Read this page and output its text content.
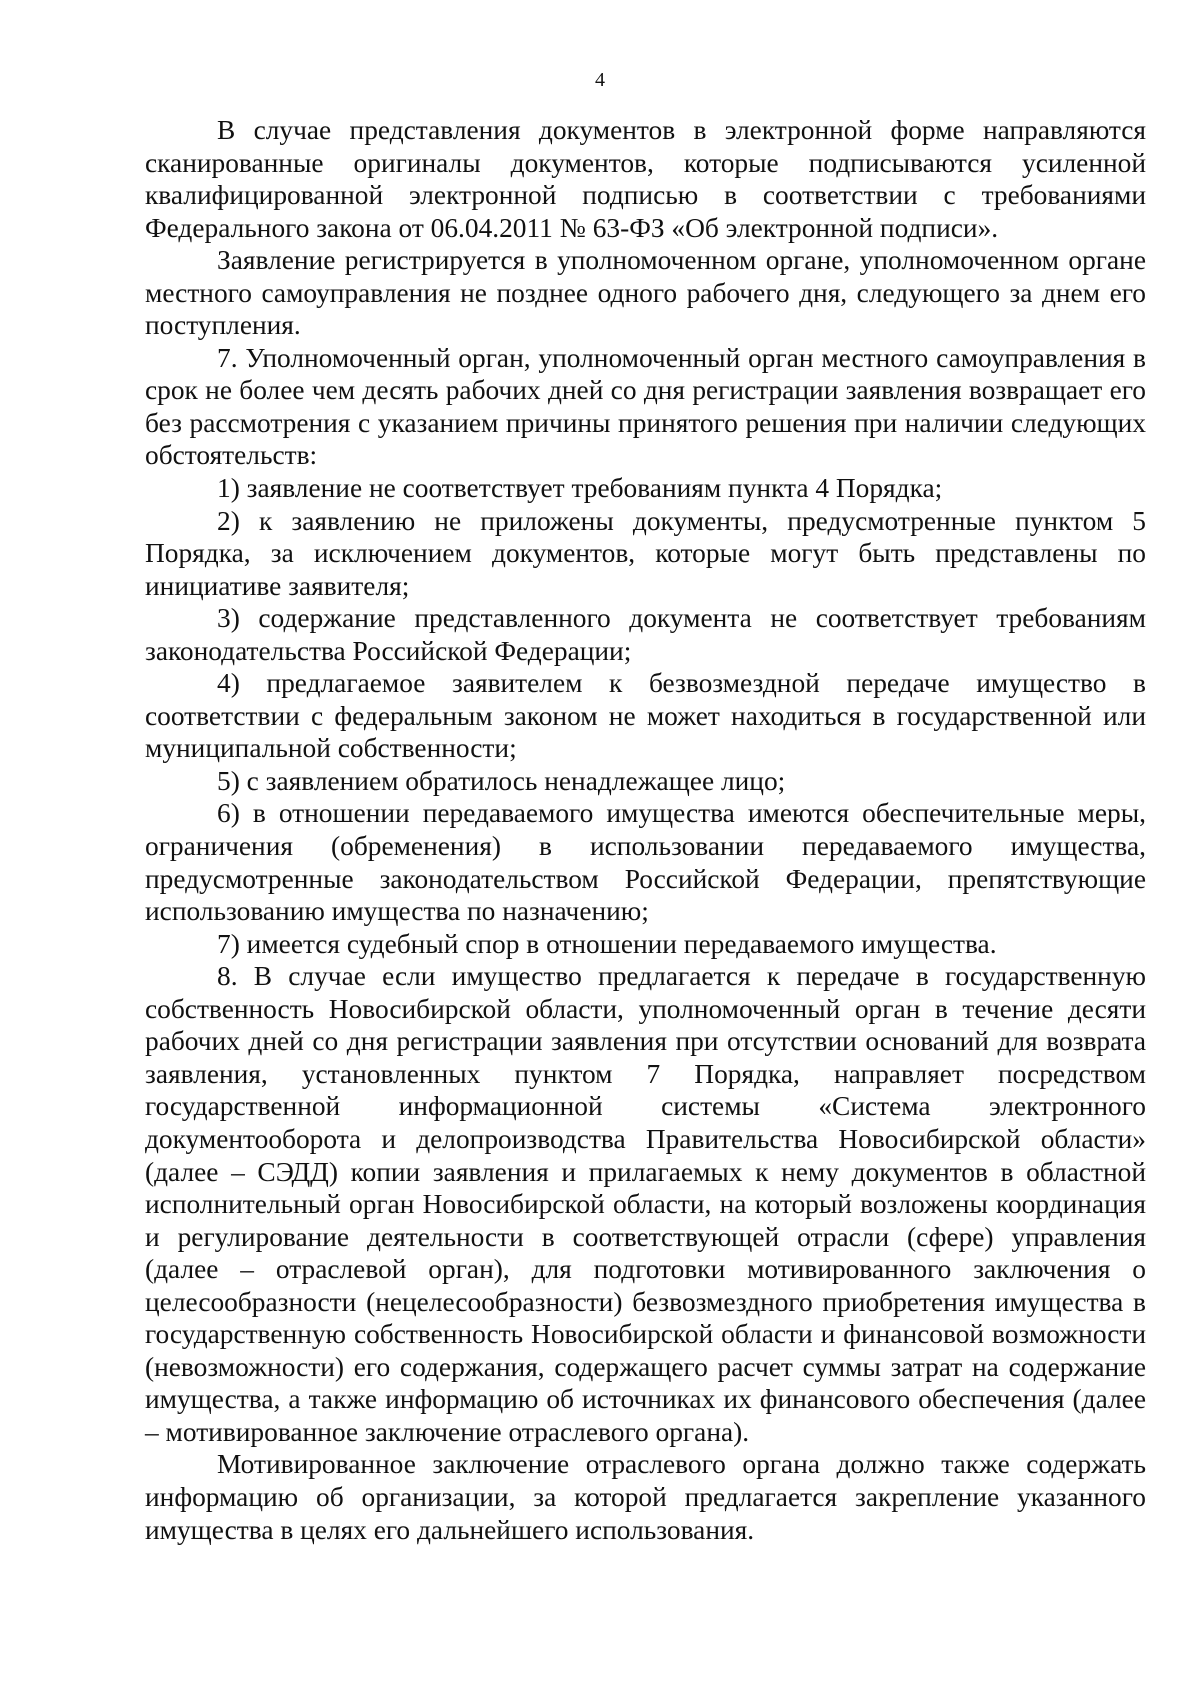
4

В случае представления документов в электронной форме направляются сканированные оригиналы документов, которые подписываются усиленной квалифицированной электронной подписью в соответствии с требованиями Федерального закона от 06.04.2011 № 63-ФЗ «Об электронной подписи».

Заявление регистрируется в уполномоченном органе, уполномоченном органе местного самоуправления не позднее одного рабочего дня, следующего за днем его поступления.

7. Уполномоченный орган, уполномоченный орган местного самоуправления в срок не более чем десять рабочих дней со дня регистрации заявления возвращает его без рассмотрения с указанием причины принятого решения при наличии следующих обстоятельств:

1) заявление не соответствует требованиям пункта 4 Порядка;

2) к заявлению не приложены документы, предусмотренные пунктом 5 Порядка, за исключением документов, которые могут быть представлены по инициативе заявителя;

3) содержание представленного документа не соответствует требованиям законодательства Российской Федерации;

4) предлагаемое заявителем к безвозмездной передаче имущество в соответствии с федеральным законом не может находиться в государственной или муниципальной собственности;

5) с заявлением обратилось ненадлежащее лицо;

6) в отношении передаваемого имущества имеются обеспечительные меры, ограничения (обременения) в использовании передаваемого имущества, предусмотренные законодательством Российской Федерации, препятствующие использованию имущества по назначению;

7) имеется судебный спор в отношении передаваемого имущества.

8. В случае если имущество предлагается к передаче в государственную собственность Новосибирской области, уполномоченный орган в течение десяти рабочих дней со дня регистрации заявления при отсутствии оснований для возврата заявления, установленных пунктом 7 Порядка, направляет посредством государственной информационной системы «Система электронного документооборота и делопроизводства Правительства Новосибирской области» (далее – СЭДД) копии заявления и прилагаемых к нему документов в областной исполнительный орган Новосибирской области, на который возложены координация и регулирование деятельности в соответствующей отрасли (сфере) управления (далее – отраслевой орган), для подготовки мотивированного заключения о целесообразности (нецелесообразности) безвозмездного приобретения имущества в государственную собственность Новосибирской области и финансовой возможности (невозможности) его содержания, содержащего расчет суммы затрат на содержание имущества, а также информацию об источниках их финансового обеспечения (далее – мотивированное заключение отраслевого органа).

Мотивированное заключение отраслевого органа должно также содержать информацию об организации, за которой предлагается закрепление указанного имущества в целях его дальнейшего использования.
